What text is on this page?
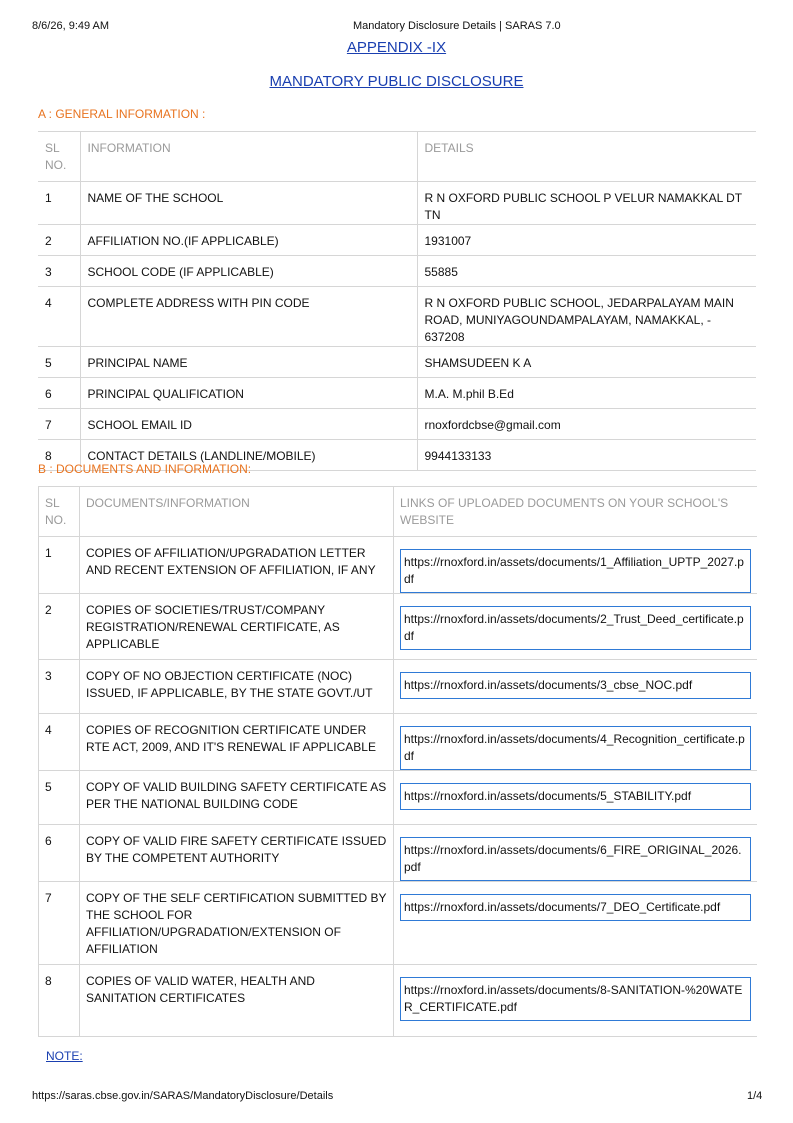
8/6/26, 9:49 AM	Mandatory Disclosure Details | SARAS 7.0
APPENDIX -IX
MANDATORY PUBLIC DISCLOSURE
A : GENERAL INFORMATION :
SL NO.	INFORMATION	DETAILS
1	NAME OF THE SCHOOL	R N OXFORD PUBLIC SCHOOL P VELUR NAMAKKAL DT TN
2	AFFILIATION NO.(IF APPLICABLE)	1931007
3	SCHOOL CODE (IF APPLICABLE)	55885
4	COMPLETE ADDRESS WITH PIN CODE	R N OXFORD PUBLIC SCHOOL, JEDARPALAYAM MAIN ROAD, MUNIYAGOUNDAMPALAYAM, NAMAKKAL, - 637208
5	PRINCIPAL NAME	SHAMSUDEEN K A
6	PRINCIPAL QUALIFICATION	M.A. M.phil B.Ed
7	SCHOOL EMAIL ID	rnoxfordcbse@gmail.com
8	CONTACT DETAILS (LANDLINE/MOBILE)	9944133133
B : DOCUMENTS AND INFORMATION:
SL NO.	DOCUMENTS/INFORMATION	LINKS OF UPLOADED DOCUMENTS ON YOUR SCHOOL'S WEBSITE
1	COPIES OF AFFILIATION/UPGRADATION LETTER AND RECENT EXTENSION OF AFFILIATION, IF ANY	https://rnoxford.in/assets/documents/1_Affiliation_UPTP_2027.pdf

2	COPIES OF SOCIETIES/TRUST/COMPANY REGISTRATION/RENEWAL CERTIFICATE, AS APPLICABLE	https://rnoxford.in/assets/documents/2_Trust_Deed_certificate.pdf

3	COPY OF NO OBJECTION CERTIFICATE (NOC) ISSUED, IF APPLICABLE, BY THE STATE GOVT./UT	https://rnoxford.in/assets/documents/3_cbse_NOC.pdf

4	COPIES OF RECOGNITION CERTIFICATE UNDER RTE ACT, 2009, AND IT'S RENEWAL IF APPLICABLE	https://rnoxford.in/assets/documents/4_Recognition_certificate.pdf

5	COPY OF VALID BUILDING SAFETY CERTIFICATE AS PER THE NATIONAL BUILDING CODE	https://rnoxford.in/assets/documents/5_STABILITY.pdf

6	COPY OF VALID FIRE SAFETY CERTIFICATE ISSUED BY THE COMPETENT AUTHORITY	https://rnoxford.in/assets/documents/6_FIRE_ORIGINAL_2026.pdf

7	COPY OF THE SELF CERTIFICATION SUBMITTED BY THE SCHOOL FOR AFFILIATION/UPGRADATION/EXTENSION OF AFFILIATION	https://rnoxford.in/assets/documents/7_DEO_Certificate.pdf

8	COPIES OF VALID WATER, HEALTH AND SANITATION CERTIFICATES	https://rnoxford.in/assets/documents/8-SANITATION-%20WATER_CERTIFICATE.pdf
NOTE:
https://saras.cbse.gov.in/SARAS/MandatoryDisclosure/Details	1/4
